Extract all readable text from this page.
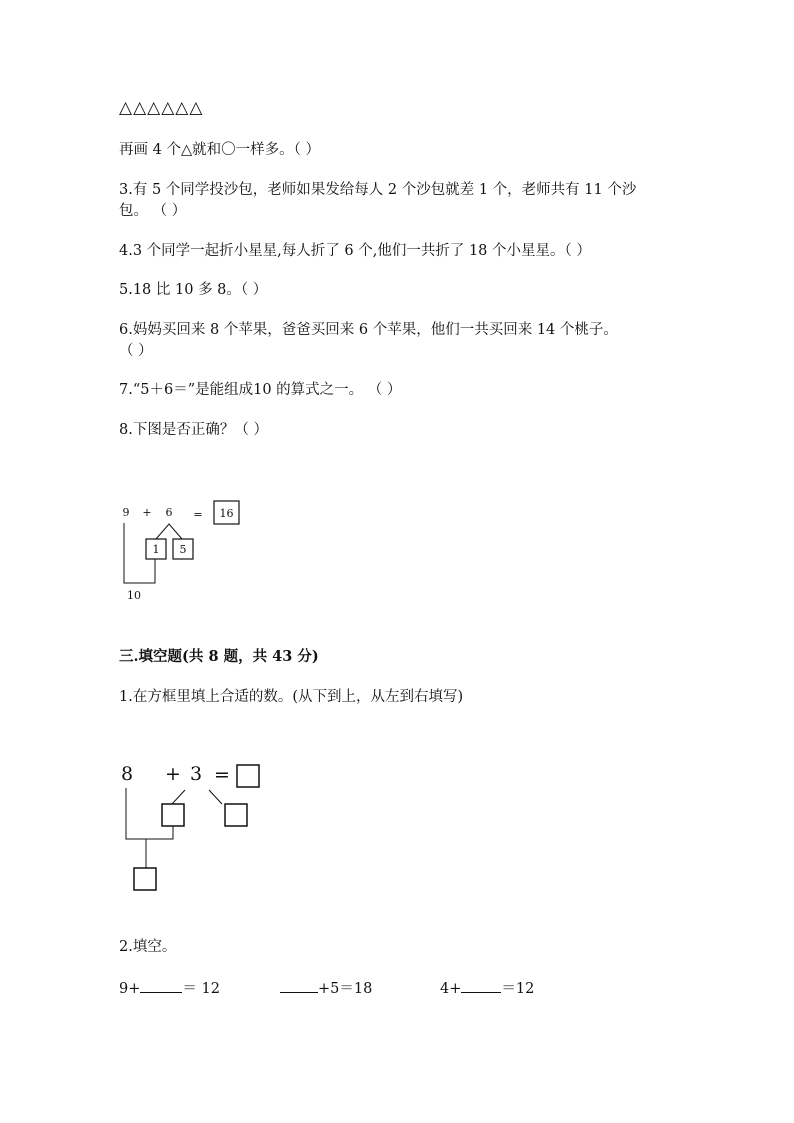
△△△△△△
再画 4 个△就和〇一样多。（ ）
3.有 5 个同学投沙包，老师如果发给每人 2 个沙包就差 1 个，老师共有 11 个沙
包。 （ ）
4.3 个同学一起折小星星,每人折了 6 个,他们一共折了 18 个小星星。（ ）
5.18 比 10 多 8。（ ）
6.妈妈买回来 8 个苹果，爸爸买回来 6 个苹果，他们一共买回来 14 个桃子。
（ ）
7.“5＋6＝”是能组成10 的算式之一。 （ ）
8.下图是否正确？（ ）
9 + 6 = 16
1 5
10
三.填空题(共 8 题，共 43 分)
1.在方框里填上合适的数。(从下到上，从左到右填写)
8 + 3 =
2.填空。
9+	＝ 12	+5＝18	4+	＝12
